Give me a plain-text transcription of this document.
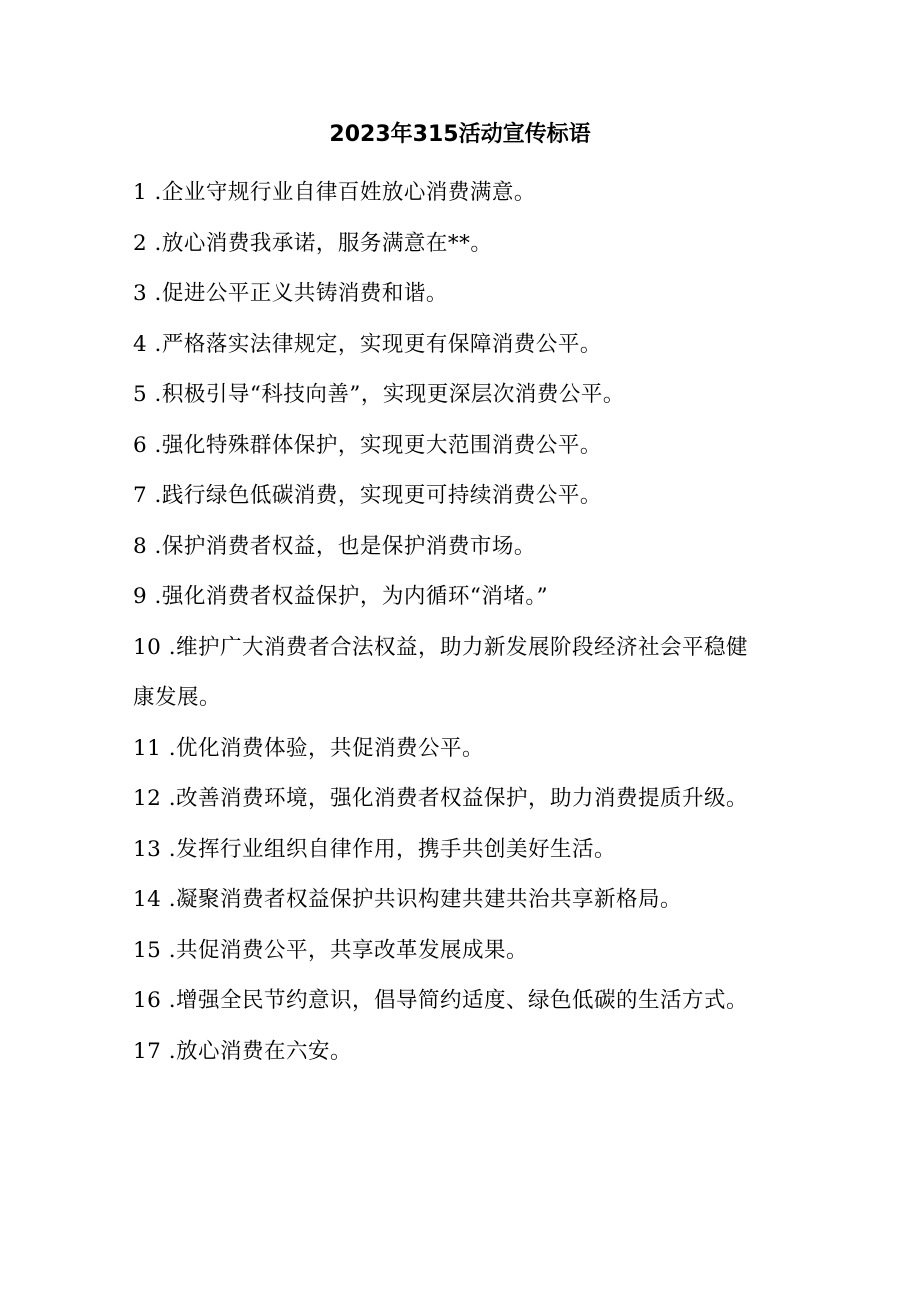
2023年315活动宣传标语
1 .企业守规行业自律百姓放心消费满意。
2 .放心消费我承诺，服务满意在**。
3 .促进公平正义共铸消费和谐。
4 .严格落实法律规定，实现更有保障消费公平。
5 .积极引导“科技向善”，实现更深层次消费公平。
6 .强化特殊群体保护，实现更大范围消费公平。
7 .践行绿色低碳消费，实现更可持续消费公平。
8 .保护消费者权益，也是保护消费市场。
9 .强化消费者权益保护，为内循环“消堵。”
10 .维护广大消费者合法权益，助力新发展阶段经济社会平稳健康发展。
11 .优化消费体验，共促消费公平。
12 .改善消费环境，强化消费者权益保护，助力消费提质升级。
13 .发挥行业组织自律作用，携手共创美好生活。
14 .凝聚消费者权益保护共识构建共建共治共享新格局。
15 .共促消费公平，共享改革发展成果。
16 .增强全民节约意识，倡导简约适度、绿色低碳的生活方式。
17 .放心消费在六安。
